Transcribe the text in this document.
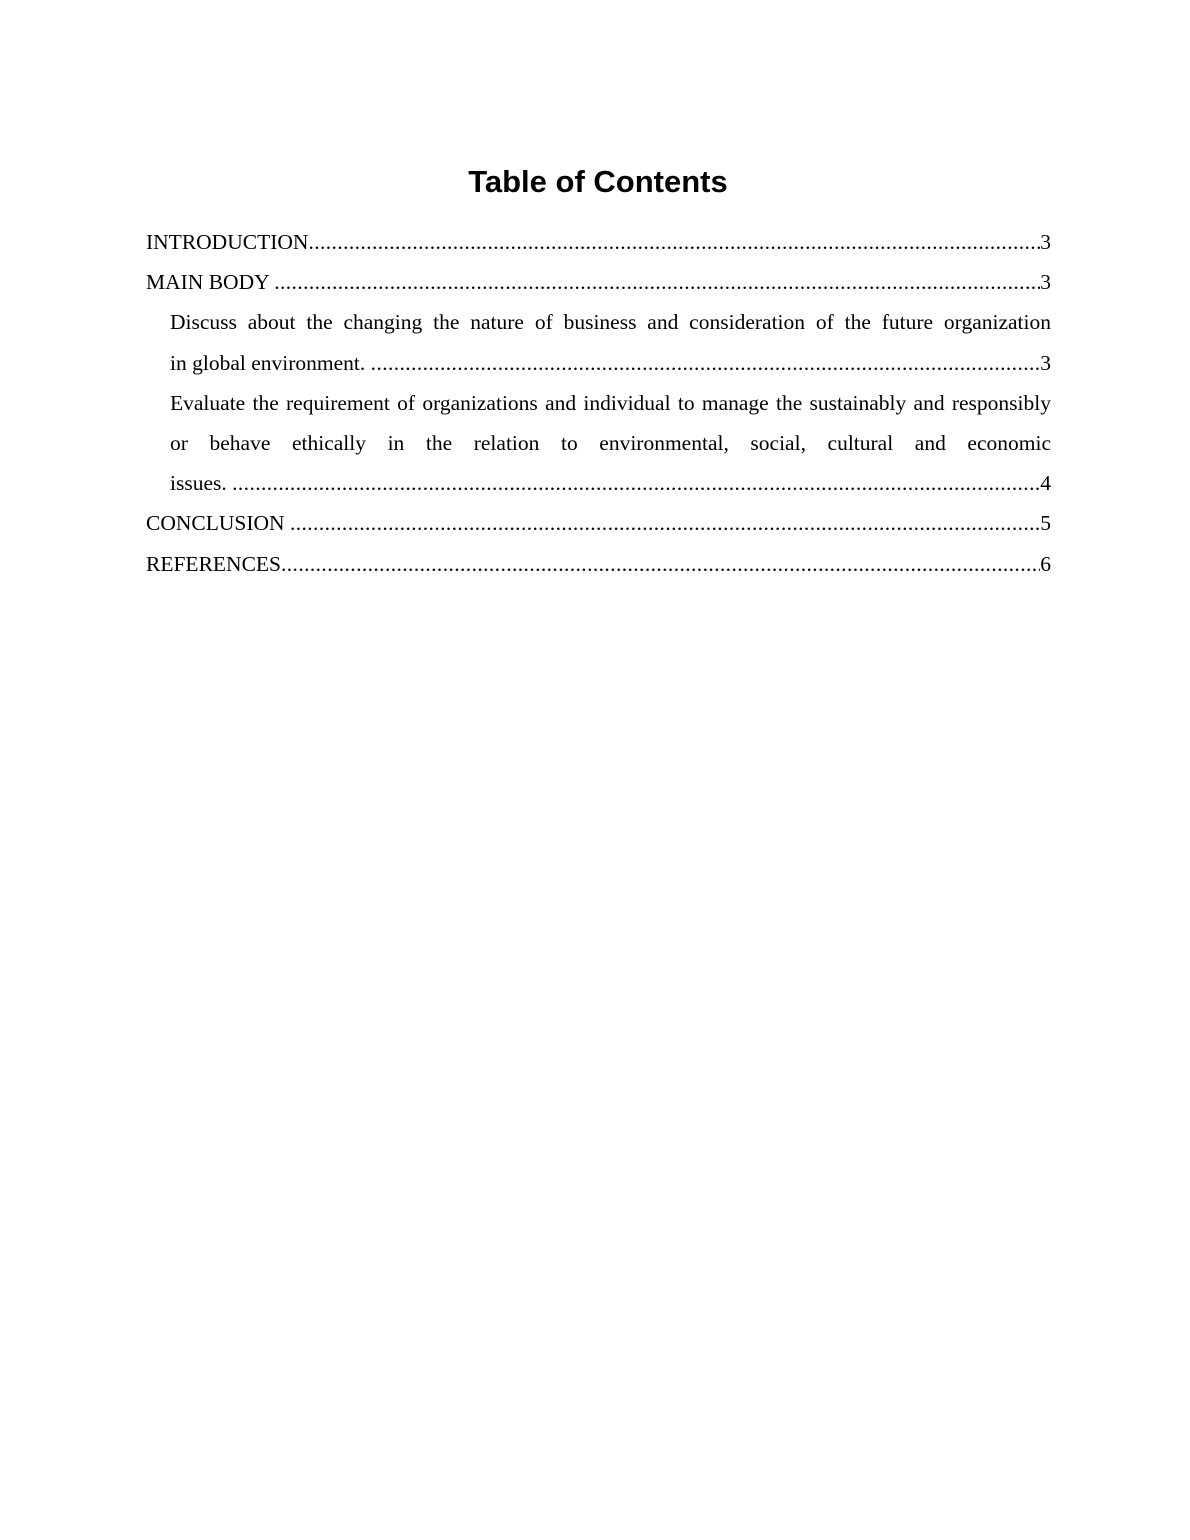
Table of Contents
INTRODUCTION .....	3
MAIN BODY .....	3
Discuss about the changing the nature of business and consideration of the future organization
in global environment. .....	3
Evaluate the requirement of organizations and individual to manage the sustainably and responsibly or behave ethically in the relation to environmental, social, cultural and economic
issues. .....	4
CONCLUSION .....	5
REFERENCES .....	6
